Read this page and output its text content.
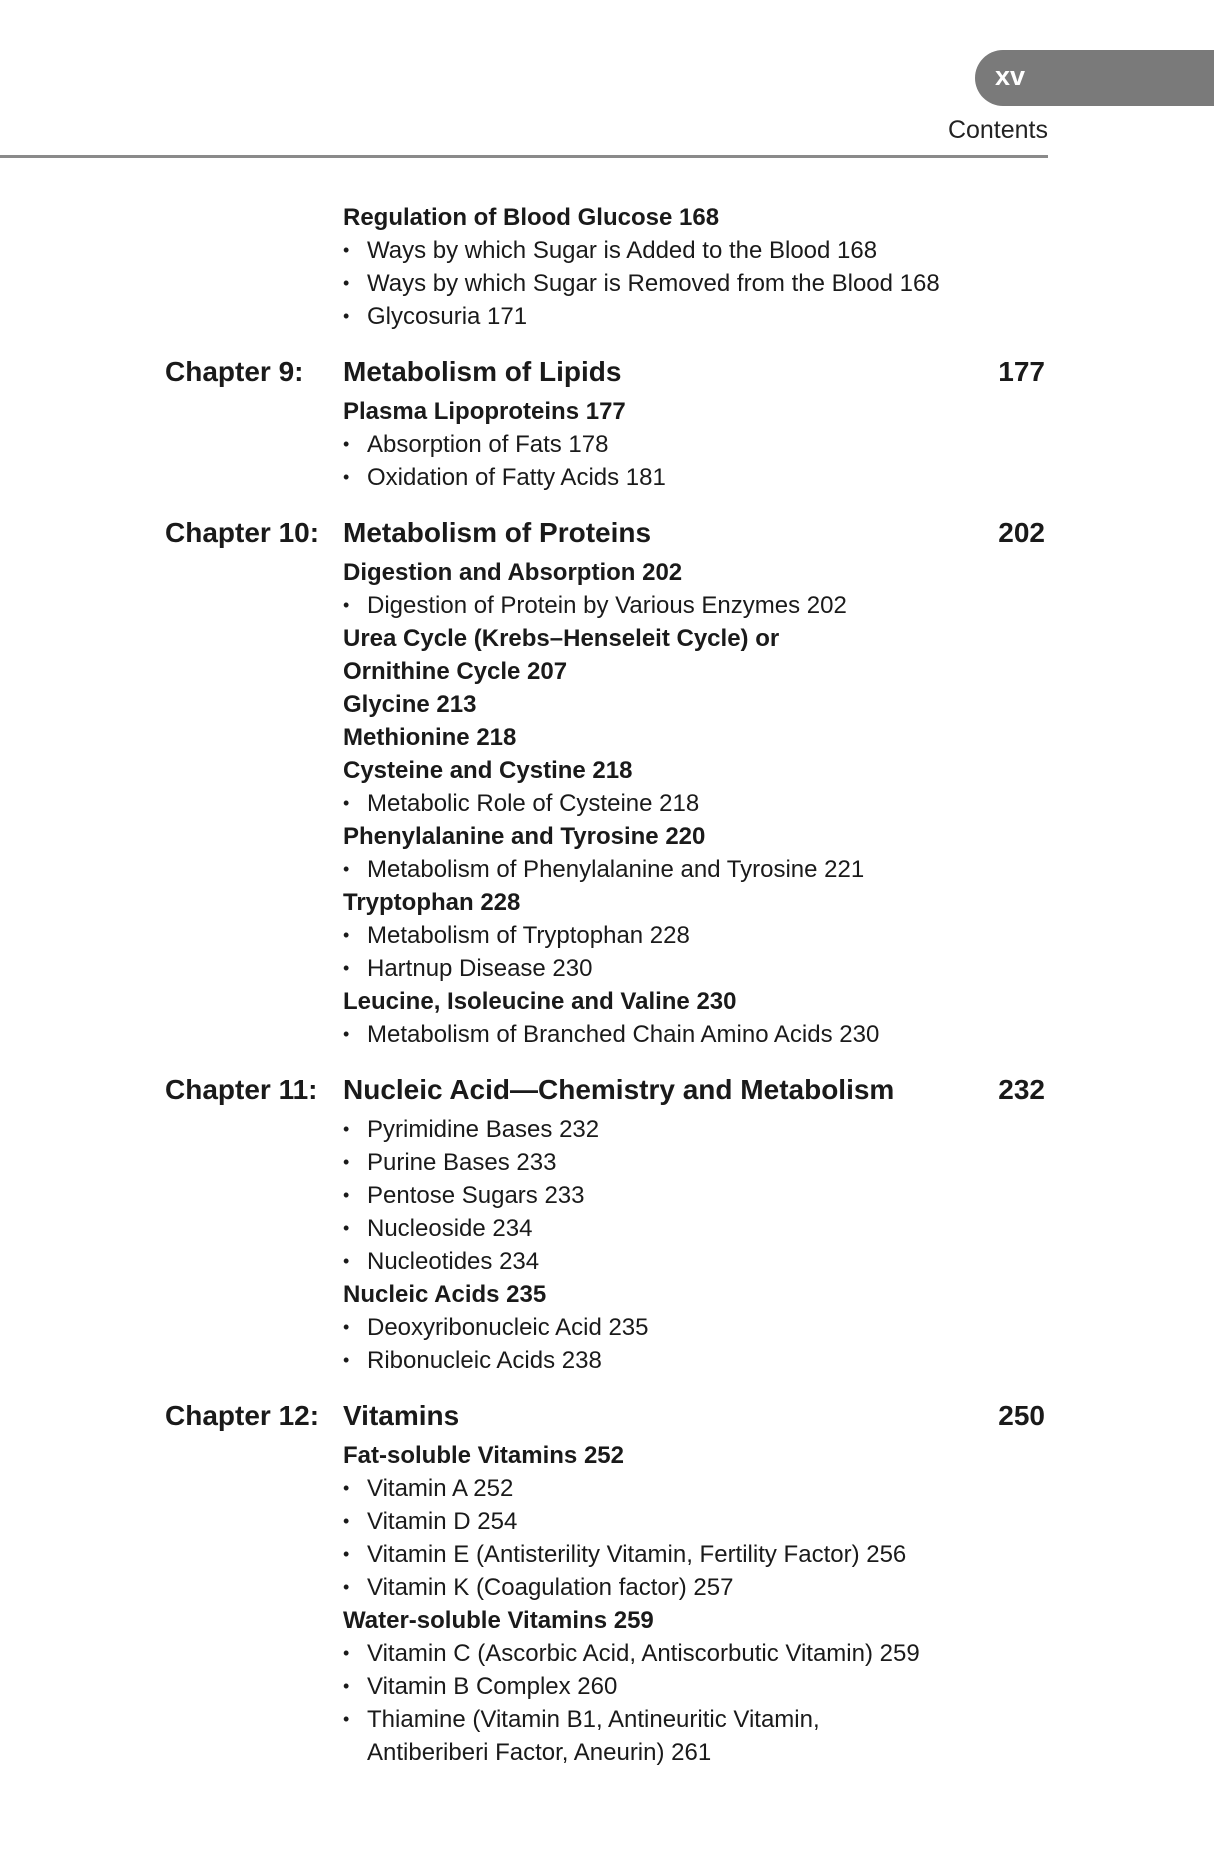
xv
Contents
Regulation of Blood Glucose 168
• Ways by which Sugar is Added to the Blood 168
• Ways by which Sugar is Removed from the Blood 168
• Glycosuria 171
Chapter 9: Metabolism of Lipids	177
Plasma Lipoproteins 177
• Absorption of Fats 178
• Oxidation of Fatty Acids 181
Chapter 10: Metabolism of Proteins	202
Digestion and Absorption 202
• Digestion of Protein by Various Enzymes 202
Urea Cycle (Krebs–Henseleit Cycle) or
Ornithine Cycle 207
Glycine 213
Methionine 218
Cysteine and Cystine 218
• Metabolic Role of Cysteine 218
Phenylalanine and Tyrosine 220
• Metabolism of Phenylalanine and Tyrosine 221
Tryptophan 228
• Metabolism of Tryptophan 228
• Hartnup Disease 230
Leucine, Isoleucine and Valine 230
• Metabolism of Branched Chain Amino Acids 230
Chapter 11: Nucleic Acid—Chemistry and Metabolism	232
• Pyrimidine Bases 232
• Purine Bases 233
• Pentose Sugars 233
• Nucleoside 234
• Nucleotides 234
Nucleic Acids 235
• Deoxyribonucleic Acid 235
• Ribonucleic Acids 238
Chapter 12: Vitamins	250
Fat-soluble Vitamins 252
• Vitamin A 252
• Vitamin D 254
• Vitamin E (Antisterility Vitamin, Fertility Factor) 256
• Vitamin K (Coagulation factor) 257
Water-soluble Vitamins 259
• Vitamin C (Ascorbic Acid, Antiscorbutic Vitamin) 259
• Vitamin B Complex 260
• Thiamine (Vitamin B1, Antineuritic Vitamin,
Antiberiberi Factor, Aneurin) 261
